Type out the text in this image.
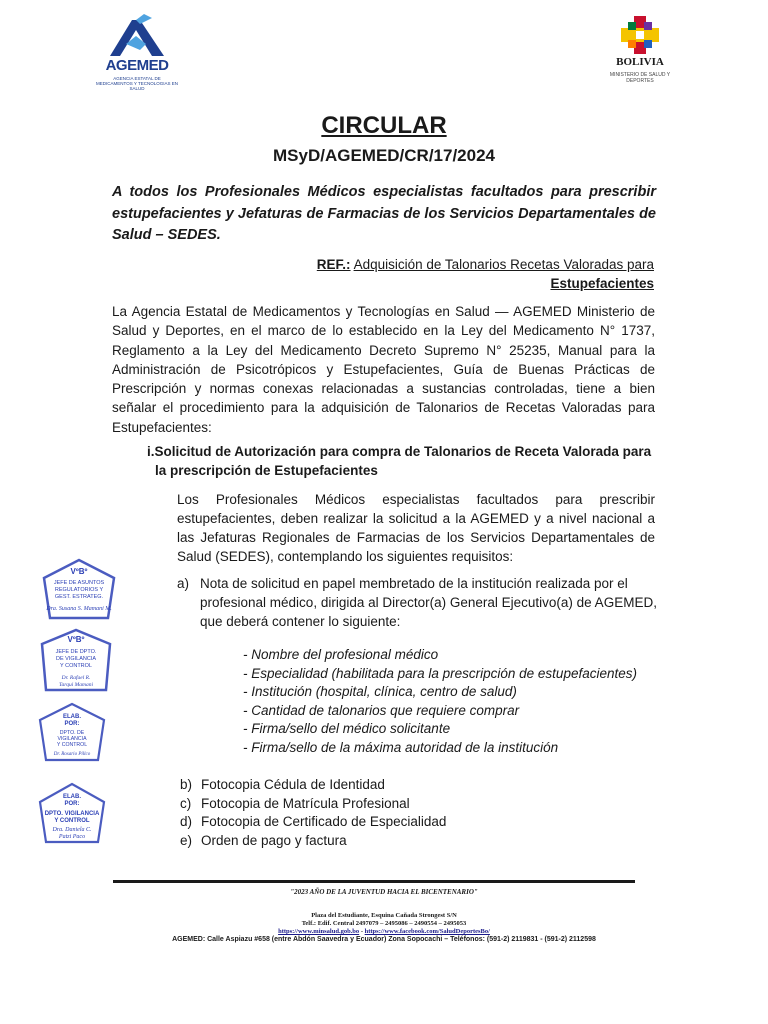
AGEMED
AGENCIA ESTATAL DE MEDICAMENTOS Y TECNOLOGIAS EN SALUD
BOLIVIA
MINISTERIO DE SALUD Y DEPORTES
CIRCULAR
MSyD/AGEMED/CR/17/2024
A todos los Profesionales Médicos especialistas facultados para prescribir estupefacientes y Jefaturas de Farmacias de los Servicios Departamentales de Salud – SEDES.
REF.: Adquisición de Talonarios Recetas Valoradas para
Estupefacientes
La Agencia Estatal de Medicamentos y Tecnologías en Salud — AGEMED Ministerio de Salud y Deportes, en el marco de lo establecido en la Ley del Medicamento N° 1737, Reglamento a la Ley del Medicamento Decreto Supremo N° 25235, Manual para la Administración de Psicotrópicos y Estupefacientes, Guía de Buenas Prácticas de Prescripción y normas conexas relacionadas a sustancias controladas, tiene a bien señalar el procedimiento para la adquisición de Talonarios de Recetas Valoradas para Estupefacientes:
i.Solicitud de Autorización para compra de Talonarios de Receta Valorada para
la prescripción de Estupefacientes
Los Profesionales Médicos especialistas facultados para prescribir estupefacientes, deben realizar la solicitud a la AGEMED y a nivel nacional a las Jefaturas Regionales de Farmacias de los Servicios Departamentales de Salud (SEDES), contemplando los siguientes requisitos:
a) Nota de solicitud en papel membretado de la institución realizada por el profesional médico, dirigida al Director(a) General Ejecutivo(a) de AGEMED, que deberá contener lo siguiente:
- Nombre del profesional médico
- Especialidad (habilitada para la prescripción de estupefacientes)
- Institución (hospital, clínica, centro de salud)
- Cantidad de talonarios que requiere comprar
- Firma/sello del médico solicitante
- Firma/sello de la máxima autoridad de la institución
b) Fotocopia Cédula de Identidad
c) Fotocopia de Matrícula Profesional
d) Fotocopia de Certificado de Especialidad
e) Orden de pago y factura
VºBº
JEFE DE ASUNTOS
REGULATORIOS Y
GEST. ESTRATEG.
Dra. Susana S. Mamani M.
VºBº
JEFE DE DPTO.
DE VIGILANCIA
Y CONTROL
Dr. Rafael R.
Tarqui Mamani
ELAB.
POR:
DPTO. DE
VIGILANCIA
Y CONTROL
Dr. Rosario Pillco
ELAB.
POR:
DPTO. VIGILANCIA
Y CONTROL
Dra. Daniela C.
Patzi Paco
"2023 AÑO DE LA JUVENTUD HACIA EL BICENTENARIO"
Plaza del Estudiante, Esquina Cañada Strongest S/N
Telf.: Edif. Central 2497079 – 2495086 – 2490554 – 2495053
https://www.minsalud.gob.bo - https://www.facebook.com/SaludDeportesBo/
AGEMED: Calle Aspiazu #658 (entre Abdón Saavedra y Ecuador) Zona Sopocachi – Teléfonos: (591-2) 2119831 - (591-2) 2112598
